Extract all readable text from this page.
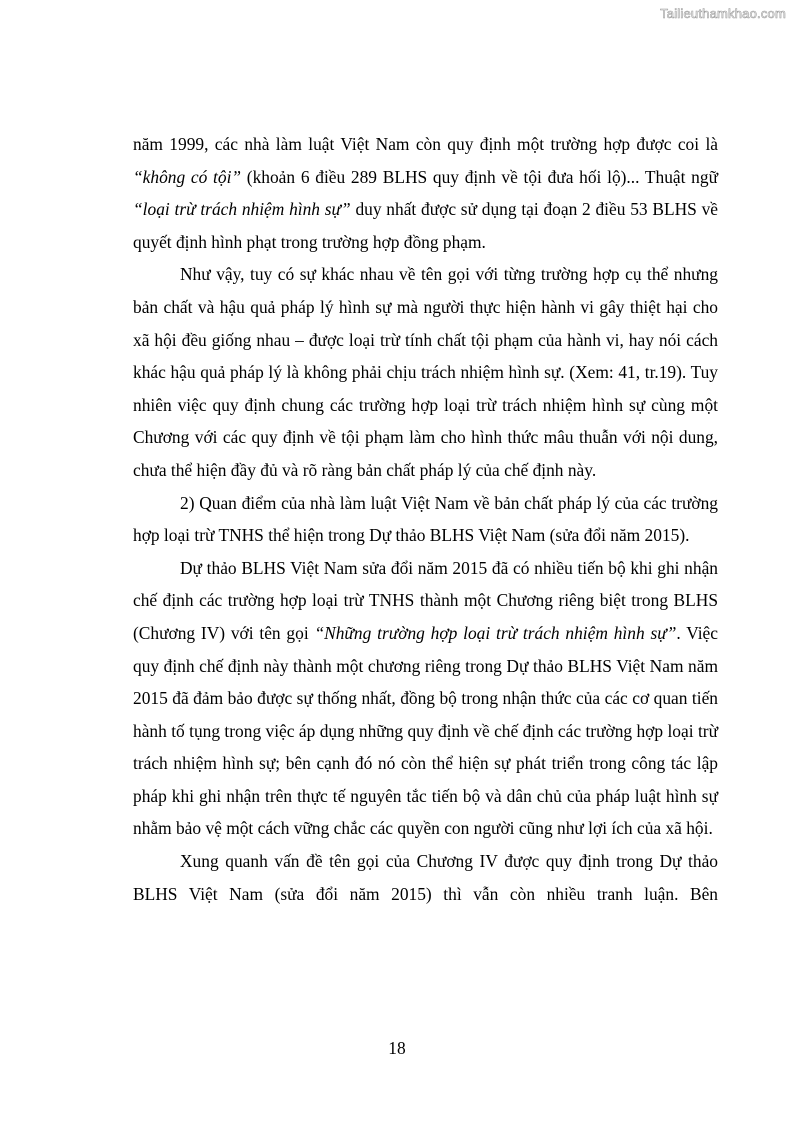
Tailieuthamkhao.com

năm 1999, các nhà làm luật Việt Nam còn quy định một trường hợp được coi là “không có tội” (khoản 6 điều 289 BLHS quy định về tội đưa hối lộ)... Thuật ngữ “loại trừ trách nhiệm hình sự” duy nhất được sử dụng tại đoạn 2 điều 53 BLHS về quyết định hình phạt trong trường hợp đồng phạm.

Như vậy, tuy có sự khác nhau về tên gọi với từng trường hợp cụ thể nhưng bản chất và hậu quả pháp lý hình sự mà người thực hiện hành vi gây thiệt hại cho xã hội đều giống nhau – được loại trừ tính chất tội phạm của hành vi, hay nói cách khác hậu quả pháp lý là không phải chịu trách nhiệm hình sự. (Xem: 41, tr.19). Tuy nhiên việc quy định chung các trường hợp loại trừ trách nhiệm hình sự cùng một Chương với các quy định về tội phạm làm cho hình thức mâu thuẫn với nội dung, chưa thể hiện đầy đủ và rõ ràng bản chất pháp lý của chế định này.

2) Quan điểm của nhà làm luật Việt Nam về bản chất pháp lý của các trường hợp loại trừ TNHS thể hiện trong Dự thảo BLHS Việt Nam (sửa đổi năm 2015).

Dự thảo BLHS Việt Nam sửa đổi năm 2015 đã có nhiều tiến bộ khi ghi nhận chế định các trường hợp loại trừ TNHS thành một Chương riêng biệt trong BLHS (Chương IV) với tên gọi “Những trường hợp loại trừ trách nhiệm hình sự”. Việc quy định chế định này thành một chương riêng trong Dự thảo BLHS Việt Nam năm 2015 đã đảm bảo được sự thống nhất, đồng bộ trong nhận thức của các cơ quan tiến hành tố tụng trong việc áp dụng những quy định về chế định các trường hợp loại trừ trách nhiệm hình sự; bên cạnh đó nó còn thể hiện sự phát triển trong công tác lập pháp khi ghi nhận trên thực tế nguyên tắc tiến bộ và dân chủ của pháp luật hình sự nhằm bảo vệ một cách vững chắc các quyền con người cũng như lợi ích của xã hội.

Xung quanh vấn đề tên gọi của Chương IV được quy định trong Dự thảo BLHS Việt Nam (sửa đổi năm 2015) thì vẫn còn nhiều tranh luận. Bên

18
